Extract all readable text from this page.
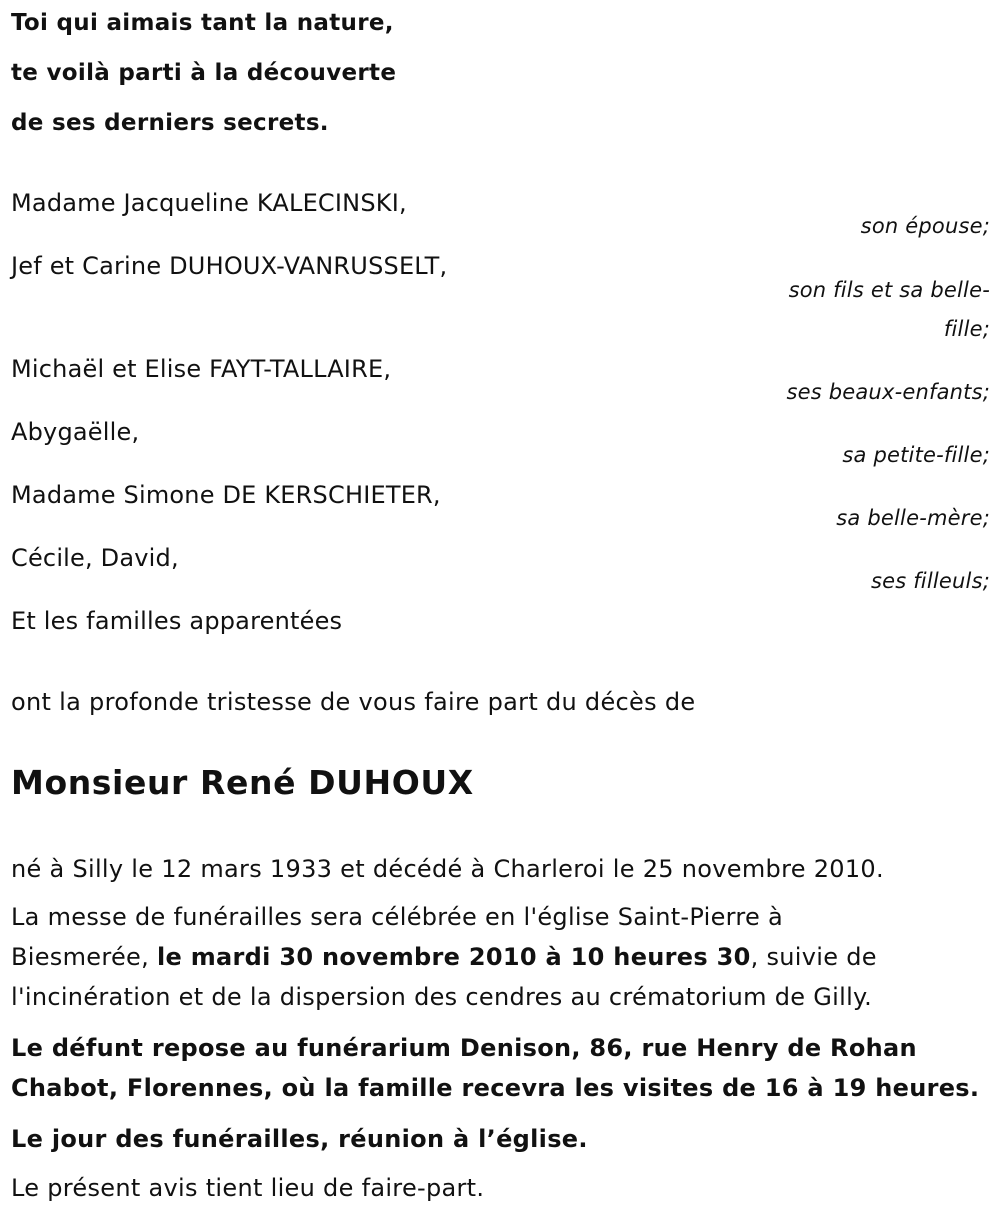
Toi qui aimais tant la nature,
te voilà parti à la découverte
de ses derniers secrets.
Madame Jacqueline KALECINSKI,
son épouse;
Jef et Carine DUHOUX-VANRUSSELT,
son fils et sa belle-
fille;
Michaël et Elise FAYT-TALLAIRE,
ses beaux-enfants;
Abygaëlle,
sa petite-fille;
Madame Simone DE KERSCHIETER,
sa belle-mère;
Cécile, David,
ses filleuls;
Et les familles apparentées
ont la profonde tristesse de vous faire part du décès de
Monsieur René DUHOUX
né à Silly le 12 mars 1933 et décédé à Charleroi le 25 novembre 2010.
La messe de funérailles sera célébrée en l'église Saint-Pierre à
Biesmerée, le mardi 30 novembre 2010 à 10 heures 30, suivie de
l'incinération et de la dispersion des cendres au crématorium de Gilly.
Le défunt repose au funérarium Denison, 86, rue Henry de Rohan
Chabot, Florennes, où la famille recevra les visites de 16 à 19 heures.
Le jour des funérailles, réunion à l’église.
Le présent avis tient lieu de faire-part.
